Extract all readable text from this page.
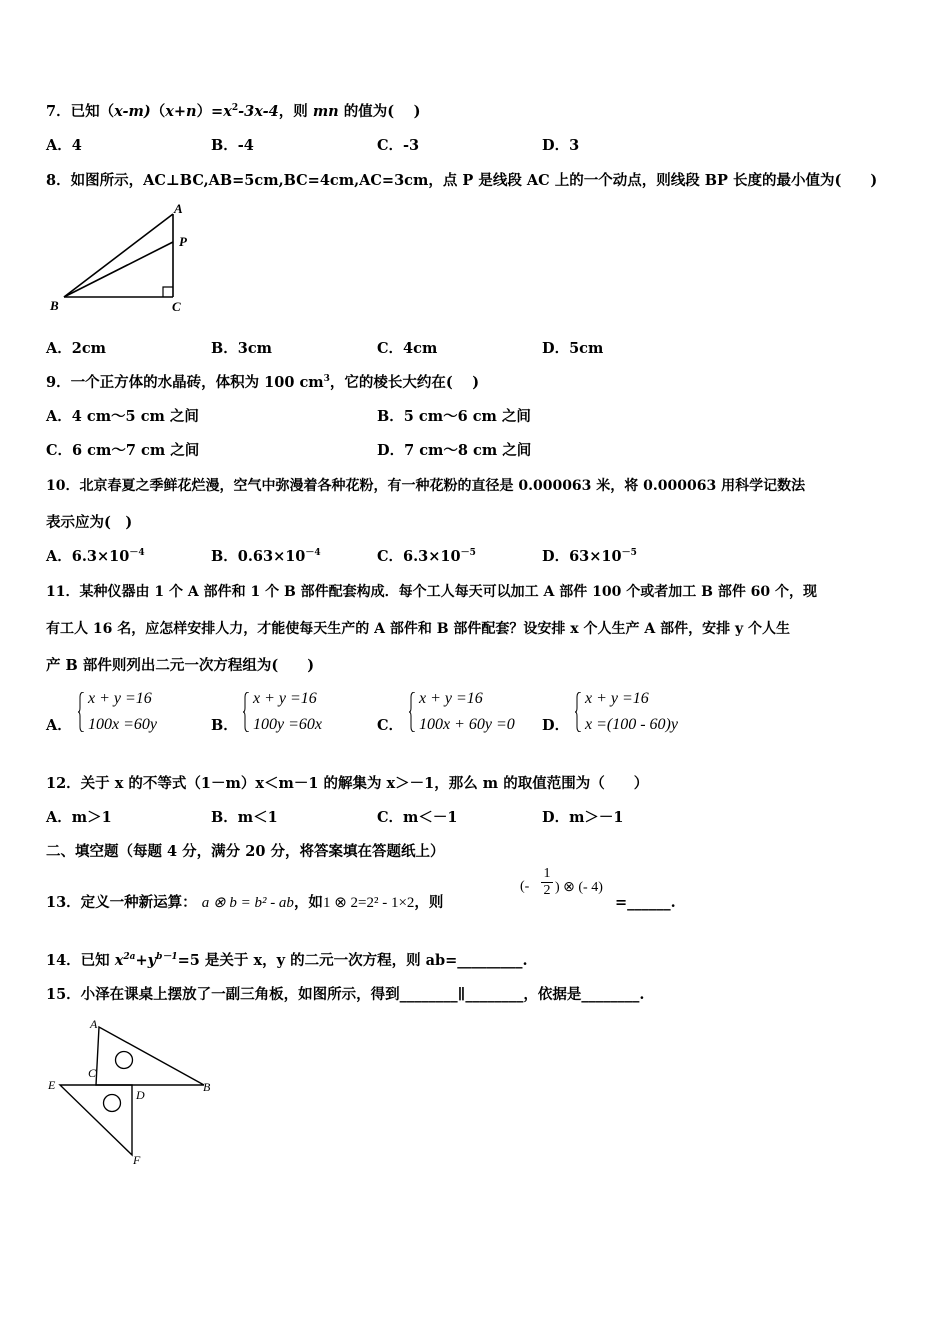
7．已知$(x-m)(x+n)=x^2-3x-4$，则 mn 的值为(　 )
A．4	B．-4	C．-3	D．3
8．如图所示，AC⊥BC,AB=5cm,BC=4cm,AC=3cm，点 P 是线段 AC 上的一个动点，则线段 BP 长度的最小值为(　　)
A
P
B	C
A．2cm	B．3cm	C．4cm	D．5cm
9．一个正方体的水晶砖，体积为 100 $cm^3$，它的棱长大约在(　 )
A．4 cm～5 cm 之间	B．5 cm～6 cm 之间
C．6 cm～7 cm 之间	D．7 cm～8 cm 之间
10．北京春夏之季鲜花烂漫，空气中弥漫着各种花粉，有一种花粉的直径是 0.000063 米，将 0.000063 用科学记数法
表示应为(　)
A．$6.3\times 10^{-4}$	B．$0.63\times 10^{-4}$	C．$6.3\times 10^{-5}$	D．$63\times 10^{-5}$
11．某种仪器由 1 个 A 部件和 1 个 B 部件配套构成．每个工人每天可以加工 A 部件 100 个或者加工 B 部件 60 个，现
有工人 16 名，应怎样安排人力，才能使每天生产的 A 部件和 B 部件配套？设安排 x 个人生产 A 部件，安排 y 个人生
产 B 部件则列出二元一次方程组为(　　)
A．
x + y =16
100x =60y	B．
x + y =16
100y =60x	C．
x + y =16
100x + 60y =0 D．
x + y =16
x =(100 - 60)y
12．关于 x 的不等式（1－m）x＜m－1 的解集为 x＞－1，那么 m 的取值范围为（　　）
A．m＞1	B．m＜1	C．m＜－1	D．m＞－1
二、填空题（每题 4 分，满分 20 分，将答案填在答题纸上）
13．定义一种新运算： a ⊗ b = b² - ab，如1 ⊗ 2=2² - 1×2，则
(- $\frac{1}{2}$ ) ⊗ (- 4)
=______.
14．已知 $x^{2a}+y^{b-1}=5$ 是关于 x，y 的二元一次方程，则 ab=_________.
15．小泽在课桌上摆放了一副三角板，如图所示，得到________∥________，依据是________.
A
C
E	B
D
F
